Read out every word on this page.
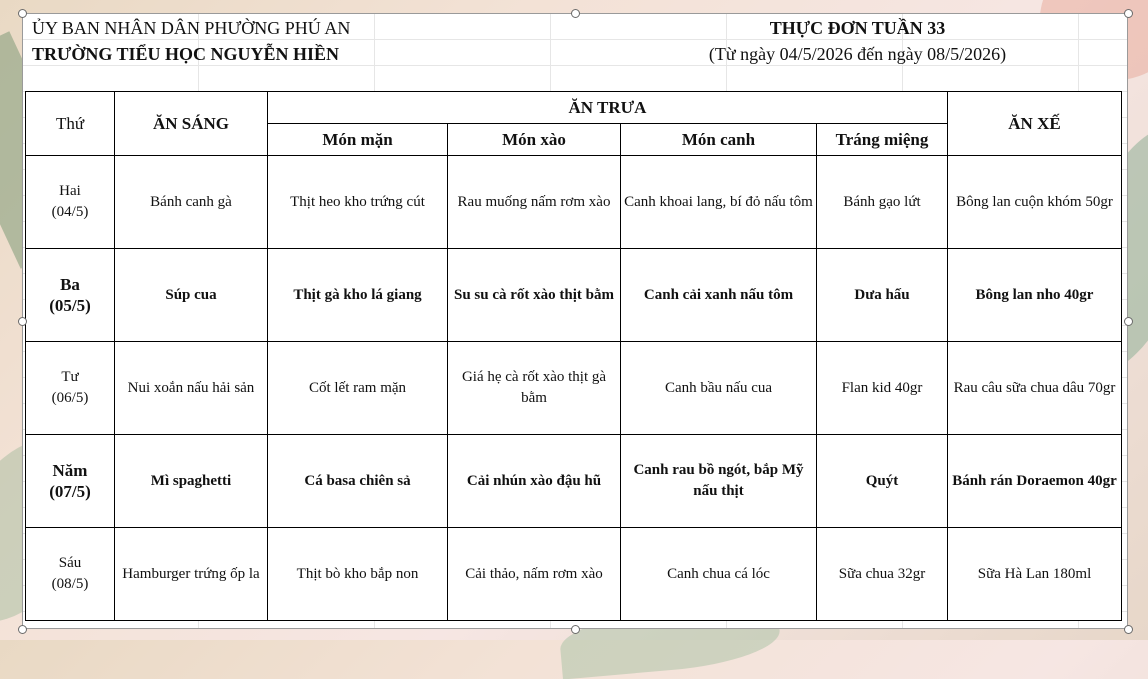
ỦY BAN NHÂN DÂN PHƯỜNG PHÚ AN
TRƯỜNG TIỂU HỌC NGUYỄN HIỀN
THỰC ĐƠN TUẦN 33
(Từ ngày 04/5/2026 đến ngày 08/5/2026)
Thứ	ĂN SÁNG	ĂN TRƯA				ĂN XẾ
		Món mặn	Món xào	Món canh	Tráng miệng	
Hai
(04/5)	Bánh canh gà	Thịt heo kho trứng cút	Rau muống nấm rơm xào	Canh khoai lang, bí đỏ nấu tôm	Bánh gạo lứt	Bông lan cuộn khóm 50gr
Ba
(05/5)	Súp cua	Thịt gà kho lá giang	Su su cà rốt xào thịt bằm	Canh cải xanh nấu tôm	Dưa hấu	Bông lan nho 40gr
Tư
(06/5)	Nui xoắn nấu hải sản	Cốt lết ram mặn	Giá hẹ cà rốt xào thịt gà bằm	Canh bầu nấu cua	Flan kid 40gr	Rau câu sữa chua dâu 70gr
Năm
(07/5)	Mì spaghetti	Cá basa chiên sả	Cải nhún xào đậu hũ	Canh rau bồ ngót, bắp Mỹ nấu thịt	Quýt	Bánh rán Doraemon 40gr
Sáu
(08/5)	Hamburger trứng ốp la	Thịt bò kho bắp non	Cải thảo, nấm rơm xào	Canh chua cá lóc	Sữa chua 32gr	Sữa Hà Lan 180ml
